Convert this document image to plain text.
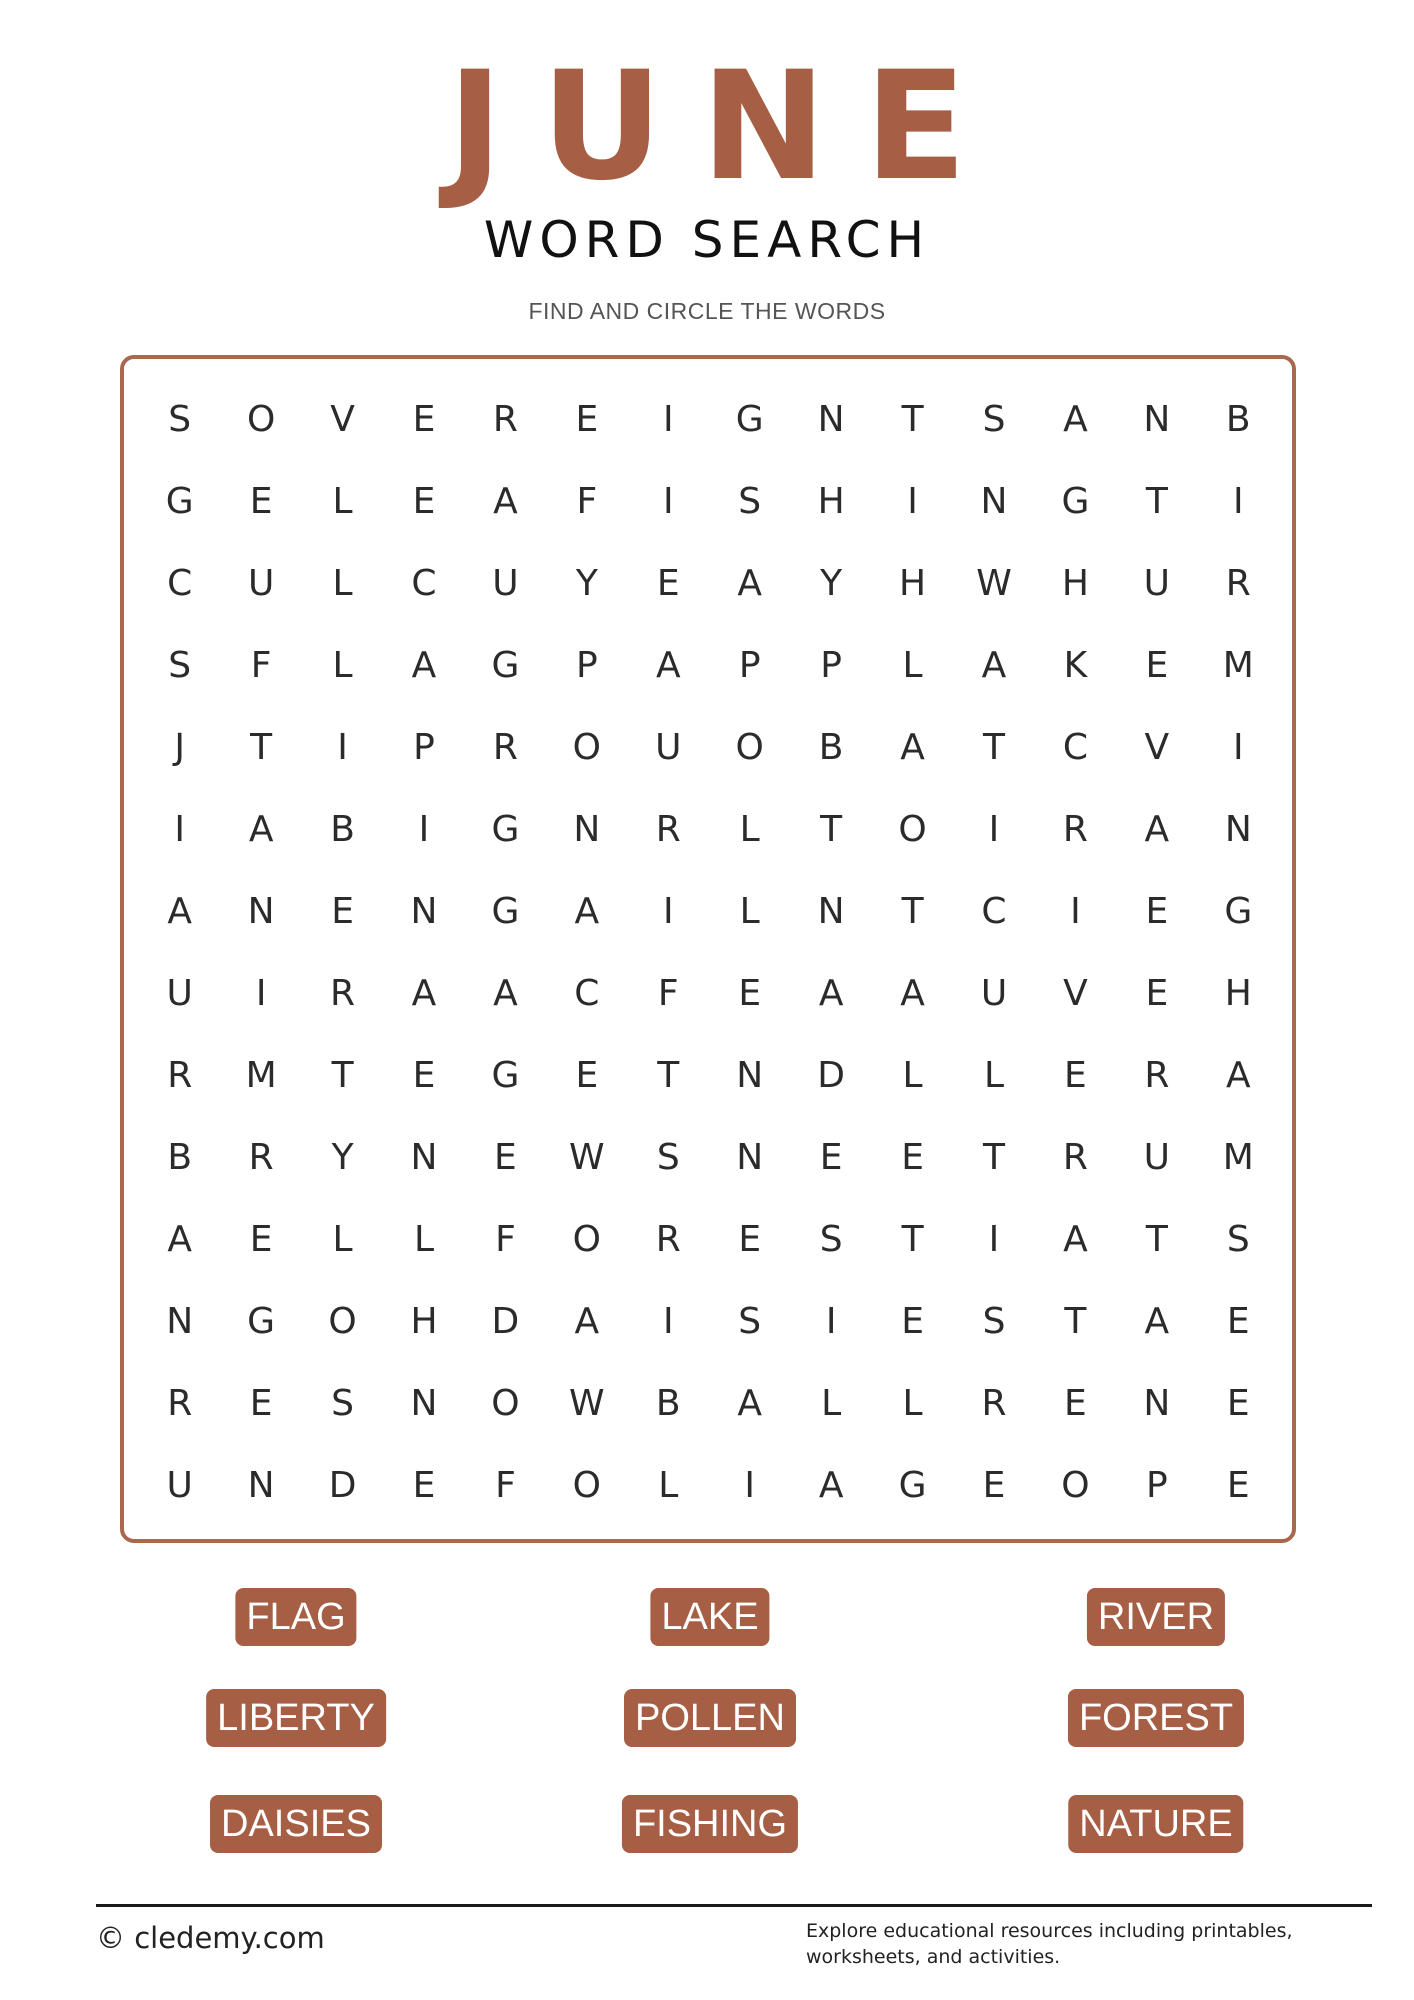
JUNE
WORD SEARCH
FIND AND CIRCLE THE WORDS
S	O	V	E	R	E	I	G	N	T	S	A	N	B
G	E	L	E	A	F	I	S	H	I	N	G	T	I
C	U	L	C	U	Y	E	A	Y	H	W	H	U	R
S	F	L	A	G	P	A	P	P	L	A	K	E	M
J	T	I	P	R	O	U	O	B	A	T	C	V	I
I	A	B	I	G	N	R	L	T	O	I	R	A	N
A	N	E	N	G	A	I	L	N	T	C	I	E	G
U	I	R	A	A	C	F	E	A	A	U	V	E	H
R	M	T	E	G	E	T	N	D	L	L	E	R	A
B	R	Y	N	E	W	S	N	E	E	T	R	U	M
A	E	L	L	F	O	R	E	S	T	I	A	T	S
N	G	O	H	D	A	I	S	I	E	S	T	A	E
R	E	S	N	O	W	B	A	L	L	R	E	N	E
U	N	D	E	F	O	L	I	A	G	E	O	P	E
FLAG	LAKE	RIVER
LIBERTY	POLLEN	FOREST
DAISIES	FISHING	NATURE
© cledemy.com	Explore educational resources including printables, worksheets, and activities.
